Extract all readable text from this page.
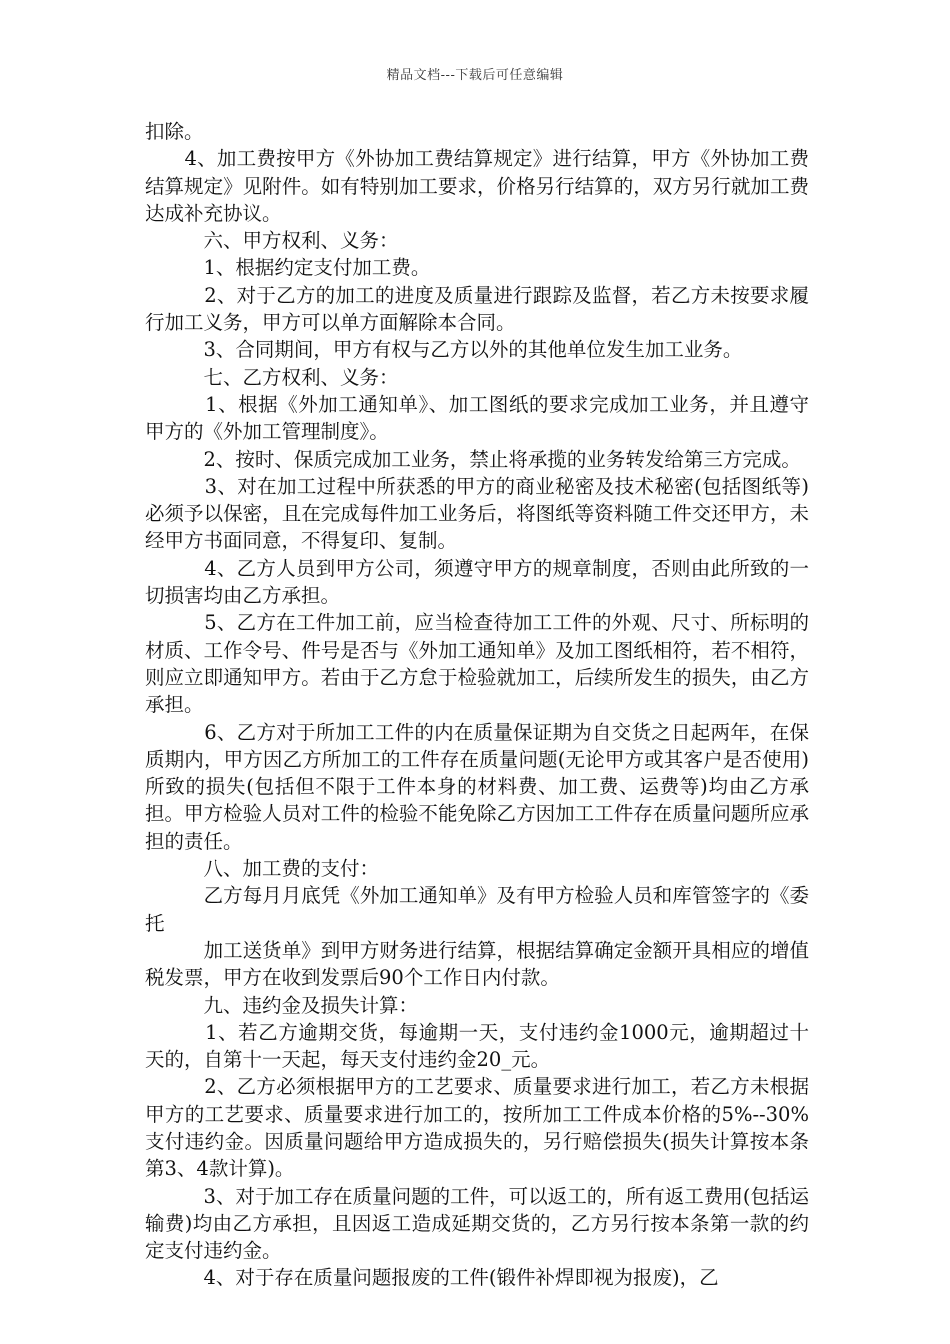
精品文档---下载后可任意编辑

扣除。

　　4、加工费按甲方《外协加工费结算规定》进行结算，甲方《外协加工费结算规定》见附件。如有特别加工要求，价格另行结算的，双方另行就加工费达成补充协议。

　　　六、甲方权利、义务：

　　　1、根据约定支付加工费。

　　　2、对于乙方的加工的进度及质量进行跟踪及监督，若乙方未按要求履行加工义务，甲方可以单方面解除本合同。

　　　3、合同期间，甲方有权与乙方以外的其他单位发生加工业务。

　　　七、乙方权利、义务：

　　　1、根据《外加工通知单》、加工图纸的要求完成加工业务，并且遵守甲方的《外加工管理制度》。

　　　2、按时、保质完成加工业务，禁止将承揽的业务转发给第三方完成。

　　　3、对在加工过程中所获悉的甲方的商业秘密及技术秘密(包括图纸等)必须予以保密，且在完成每件加工业务后，将图纸等资料随工件交还甲方，未经甲方书面同意，不得复印、复制。

　　　4、乙方人员到甲方公司，须遵守甲方的规章制度，否则由此所致的一切损害均由乙方承担。

　　　5、乙方在工件加工前，应当检查待加工工件的外观、尺寸、所标明的材质、工作令号、件号是否与《外加工通知单》及加工图纸相符，若不相符，则应立即通知甲方。若由于乙方怠于检验就加工，后续所发生的损失，由乙方承担。

　　　6、乙方对于所加工工件的内在质量保证期为自交货之日起两年，在保质期内，甲方因乙方所加工的工件存在质量问题(无论甲方或其客户是否使用)所致的损失(包括但不限于工件本身的材料费、加工费、运费等)均由乙方承担。甲方检验人员对工件的检验不能免除乙方因加工工件存在质量问题所应承担的责任。

　　　八、加工费的支付：

　　　乙方每月月底凭《外加工通知单》及有甲方检验人员和库管签字的《委托

　　　加工送货单》到甲方财务进行结算，根据结算确定金额开具相应的增值税发票，甲方在收到发票后90个工作日内付款。

　　　九、违约金及损失计算：

　　　1、若乙方逾期交货，每逾期一天，支付违约金1000元，逾期超过十天的，自第十一天起，每天支付违约金20_元。

　　　2、乙方必须根据甲方的工艺要求、质量要求进行加工，若乙方未根据甲方的工艺要求、质量要求进行加工的，按所加工工件成本价格的5%--30%支付违约金。因质量问题给甲方造成损失的，另行赔偿损失(损失计算按本条第3、4款计算)。

　　　3、对于加工存在质量问题的工件，可以返工的，所有返工费用(包括运输费)均由乙方承担，且因返工造成延期交货的，乙方另行按本条第一款的约定支付违约金。

　　　4、对于存在质量问题报废的工件(锻件补焊即视为报废)，乙
